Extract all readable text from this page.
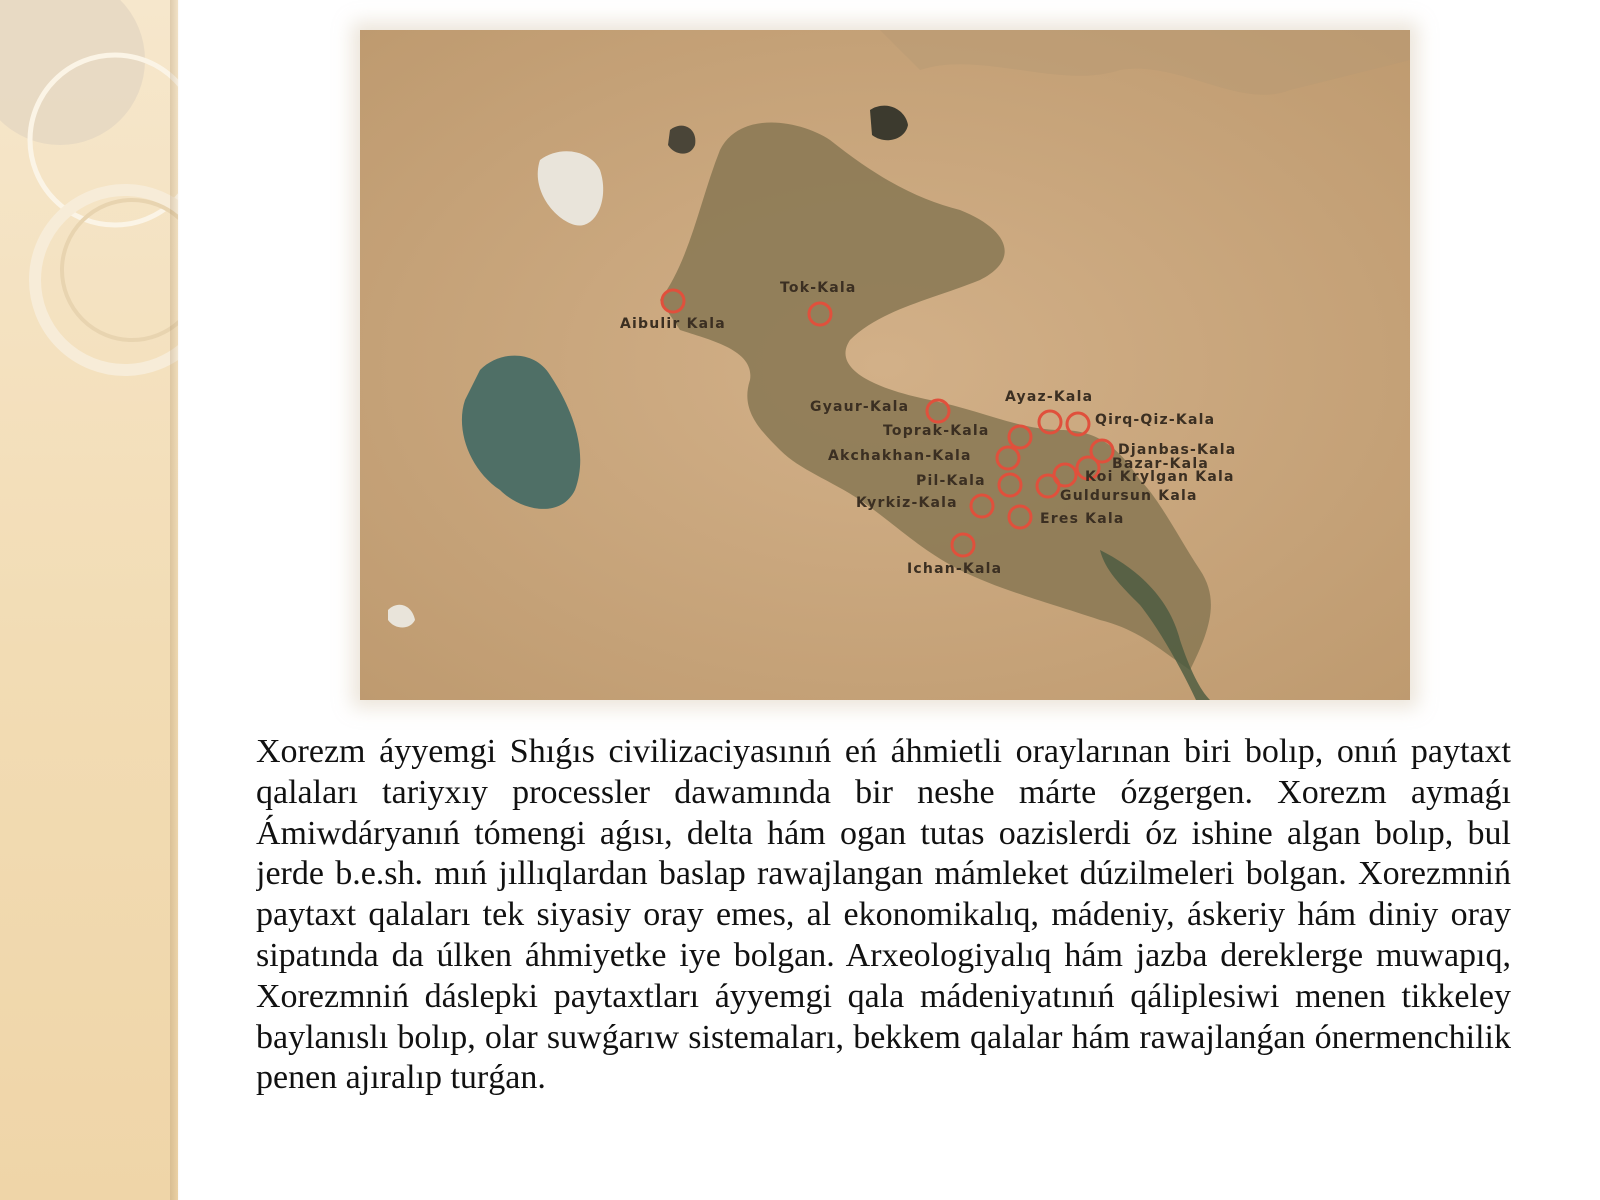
Tok-Kala
Aibulir Kala
Gyaur-Kala
Ayaz-Kala
Qirq-Qiz-Kala
Toprak-Kala
Djanbas-Kala
Bazar-Kala
Akchakhan-Kala
Koi Krylgan Kala
Pil-Kala
Guldursun Kala
Kyrkiz-Kala
Eres Kala
Ichan-Kala

Xorezm áyyemgi Shıǵıs civilizaciyasınıń eń áhmietli oraylarınan biri bolıp, onıń paytaxt qalaları tariyxıy processler dawamında bir neshe márte ózgergen. Xorezm aymaǵı Ámiwdáryanıń tómengi aǵısı, delta hám ogan tutas oazislerdi óz ishine algan bolıp, bul jerde b.e.sh. mıń jıllıqlardan baslap rawajlangan mámleket dúzilmeleri bolgan. Xorezmniń paytaxt qalaları tek siyasiy oray emes, al ekonomikalıq, mádeniy, áskeriy hám diniy oray sipatında da úlken áhmiyetke iye bolgan. Arxeologiyalıq hám jazba dereklerge muwapıq, Xorezmniń dáslepki paytaxtları áyyemgi qala mádeniyatınıń qáliplesiwi menen tikkeley baylanıslı bolıp, olar suwǵarıw sistemaları, bekkem qalalar hám rawajlanǵan ónermenchilik penen ajıralıp turǵan.
